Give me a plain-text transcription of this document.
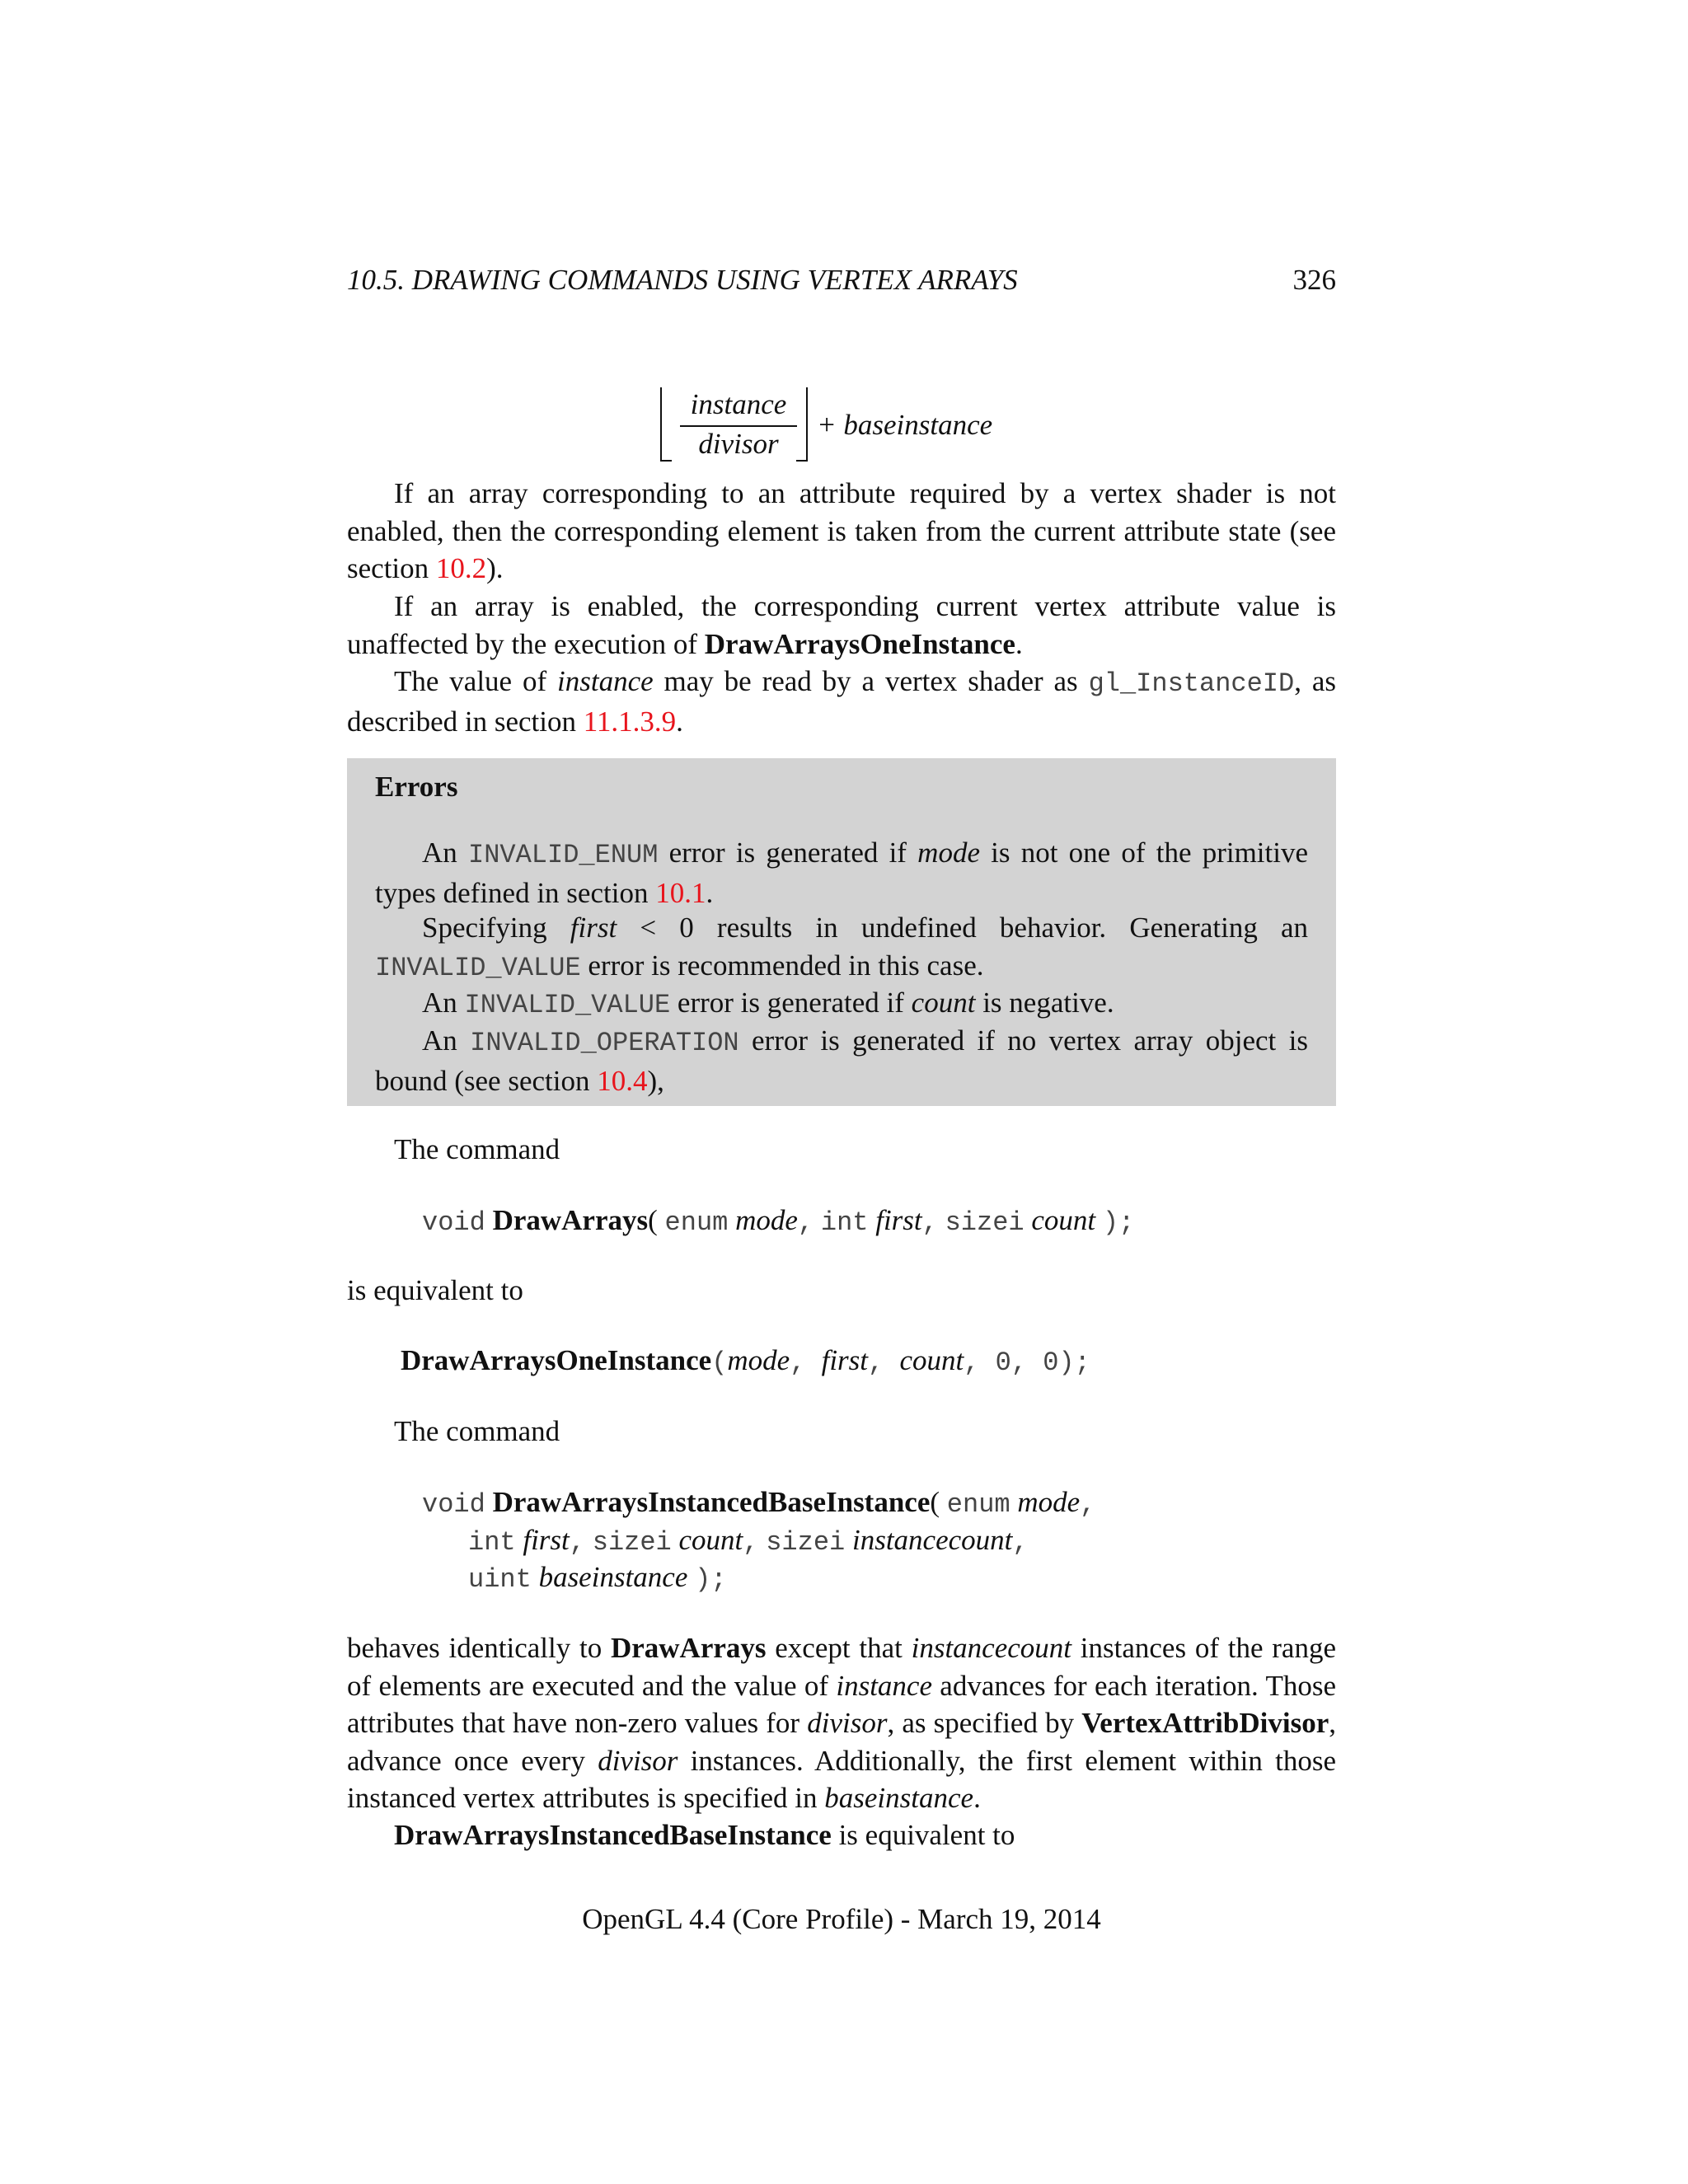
10.5. DRAWING COMMANDS USING VERTEX ARRAYS	326
instance
divisor
+ baseinstance
If an array corresponding to an attribute required by a vertex shader is not enabled, then the corresponding element is taken from the current attribute state (see section 10.2).
If an array is enabled, the corresponding current vertex attribute value is unaffected by the execution of DrawArraysOneInstance.
The value of instance may be read by a vertex shader as gl_InstanceID, as described in section 11.1.3.9.
Errors
An INVALID_ENUM error is generated if mode is not one of the primitive types defined in section 10.1.
Specifying first < 0 results in undefined behavior. Generating an INVALID_VALUE error is recommended in this case.
An INVALID_VALUE error is generated if count is negative.
An INVALID_OPERATION error is generated if no vertex array object is bound (see section 10.4),
The command
void DrawArrays( enum mode, int first, sizei count );
is equivalent to
DrawArraysOneInstance(mode, first, count, 0, 0);
The command
void DrawArraysInstancedBaseInstance( enum mode,
int first, sizei count, sizei instancecount,
uint baseinstance );
behaves identically to DrawArrays except that instancecount instances of the range of elements are executed and the value of instance advances for each iteration. Those attributes that have non-zero values for divisor, as specified by VertexAttribDivisor, advance once every divisor instances. Additionally, the first element within those instanced vertex attributes is specified in baseinstance.
DrawArraysInstancedBaseInstance is equivalent to
OpenGL 4.4 (Core Profile) - March 19, 2014
